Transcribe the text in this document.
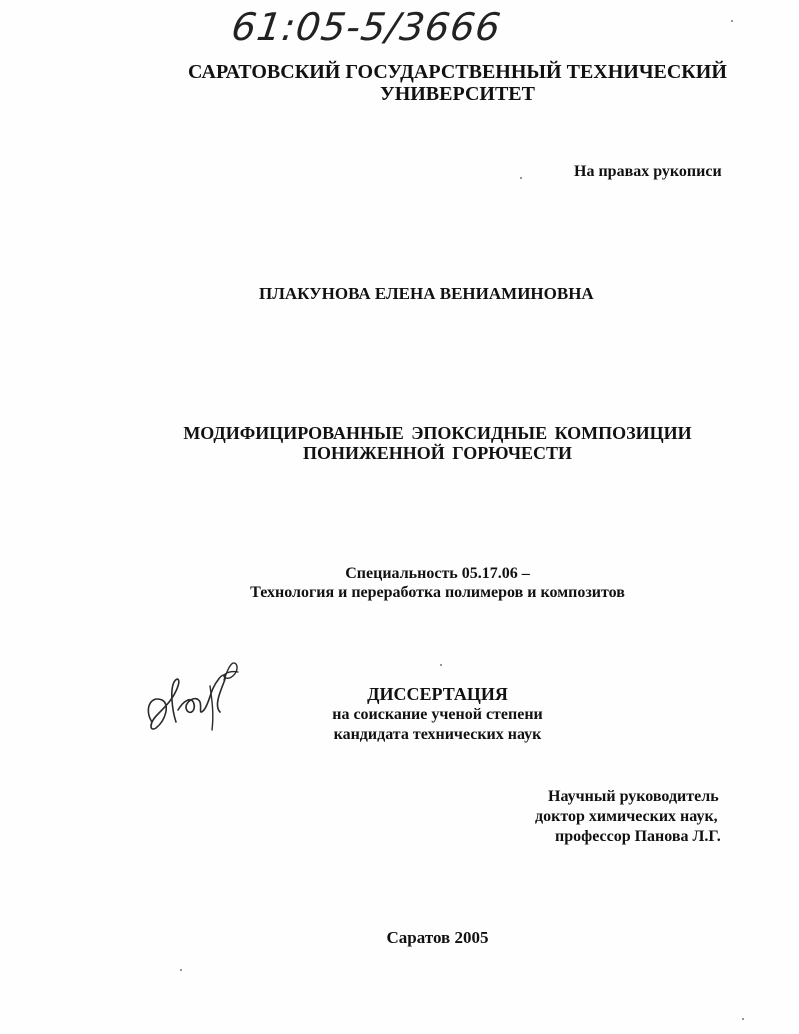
61:05-5/3666
САРАТОВСКИЙ ГОСУДАРСТВЕННЫЙ ТЕХНИЧЕСКИЙ
УНИВЕРСИТЕТ
На правах рукописи
ПЛАКУНОВА ЕЛЕНА ВЕНИАМИНОВНА
МОДИФИЦИРОВАННЫЕ ЭПОКСИДНЫЕ КОМПОЗИЦИИ
ПОНИЖЕННОЙ ГОРЮЧЕСТИ
Специальность 05.17.06 –
Технология и переработка полимеров и композитов
ДИССЕРТАЦИЯ
на соискание ученой степени
кандидата технических наук
Научный руководитель
доктор химических наук,
профессор Панова Л.Г.
Саратов 2005
